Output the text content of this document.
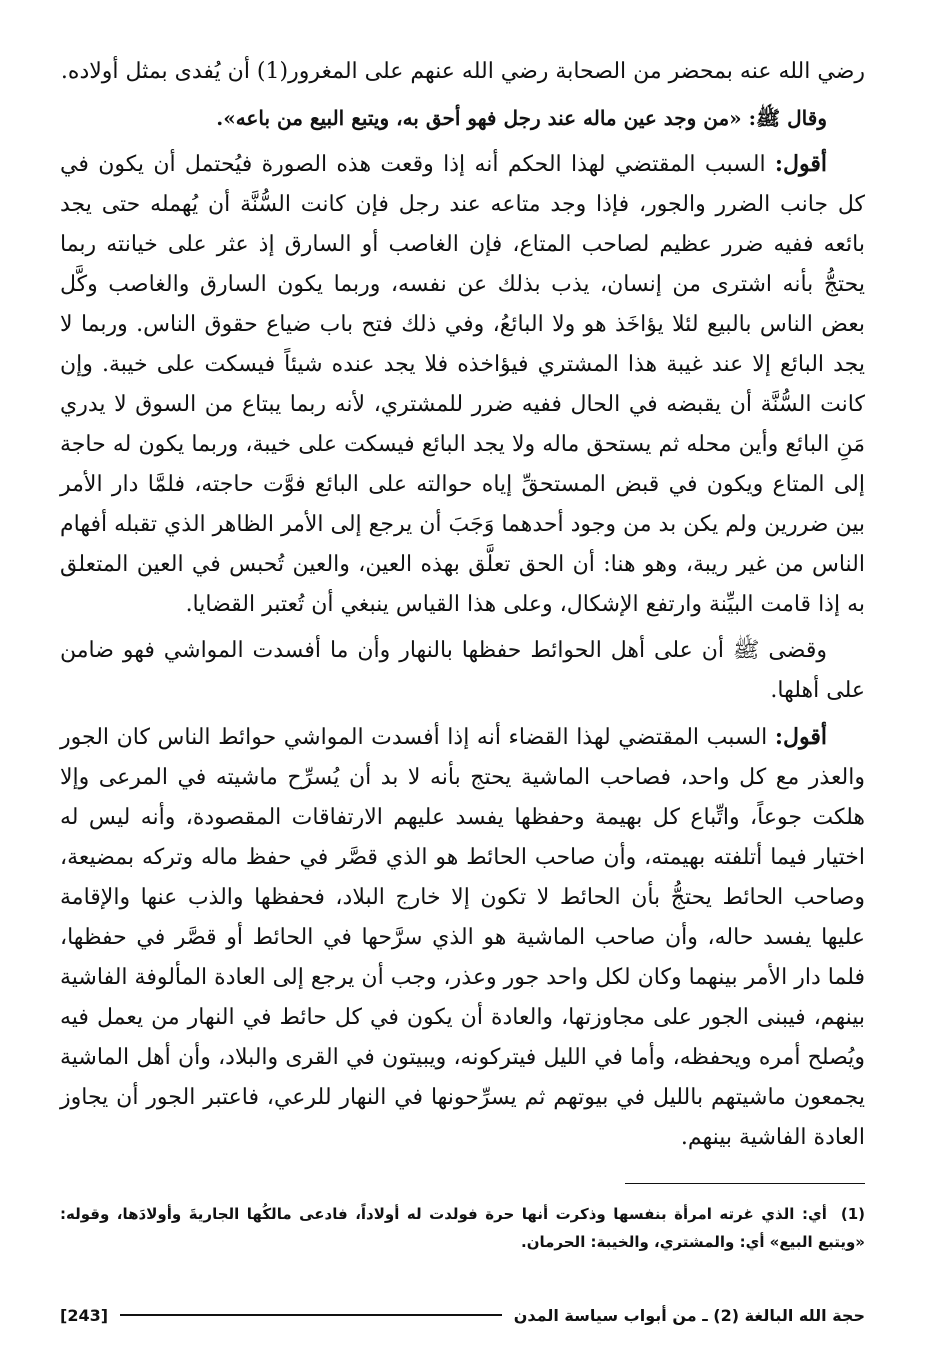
رضي الله عنه بمحضر من الصحابة رضي الله عنهم على المغرور(1) أن يُفدى بمثل أولاده.

وقال ﷺ: «من وجد عين ماله عند رجل فهو أحق به، ويتبع البيع من باعه».

أقول: السبب المقتضي لهذا الحكم أنه إذا وقعت هذه الصورة فيُحتمل أن يكون في كل جانب الضرر والجور، فإذا وجد متاعه عند رجل فإن كانت السُّنَّة أن يُهمله حتى يجد بائعه ففيه ضرر عظيم لصاحب المتاع، فإن الغاصب أو السارق إذ عثر على خيانته ربما يحتجُّ بأنه اشترى من إنسان، يذب بذلك عن نفسه، وربما يكون السارق والغاصب وكَّل بعض الناس بالبيع لئلا يؤاخَذ هو ولا البائعُ، وفي ذلك فتح باب ضياع حقوق الناس. وربما لا يجد البائع إلا عند غيبة هذا المشتري فيؤاخذه فلا يجد عنده شيئاً فيسكت على خيبة. وإن كانت السُّنَّة أن يقبضه في الحال ففيه ضرر للمشتري، لأنه ربما يبتاع من السوق لا يدري مَنِ البائع وأين محله ثم يستحق ماله ولا يجد البائع فيسكت على خيبة، وربما يكون له حاجة إلى المتاع ويكون في قبض المستحقِّ إياه حوالته على البائع فوَّت حاجته، فلمَّا دار الأمر بين ضررين ولم يكن بد من وجود أحدهما وَجَبَ أن يرجع إلى الأمر الظاهر الذي تقبله أفهام الناس من غير ريبة، وهو هنا: أن الحق تعلَّق بهذه العين، والعين تُحبس في العين المتعلق به إذا قامت البيِّنة وارتفع الإشكال، وعلى هذا القياس ينبغي أن تُعتبر القضايا.

وقضى ﷺ أن على أهل الحوائط حفظها بالنهار وأن ما أفسدت المواشي فهو ضامن على أهلها.

أقول: السبب المقتضي لهذا القضاء أنه إذا أفسدت المواشي حوائط الناس كان الجور والعذر مع كل واحد، فصاحب الماشية يحتج بأنه لا بد أن يُسرِّح ماشيته في المرعى وإلا هلكت جوعاً، واتِّباع كل بهيمة وحفظها يفسد عليهم الارتفاقات المقصودة، وأنه ليس له اختيار فيما أتلفته بهيمته، وأن صاحب الحائط هو الذي قصَّر في حفظ ماله وتركه بمضيعة، وصاحب الحائط يحتجُّ بأن الحائط لا تكون إلا خارج البلاد، فحفظها والذب عنها والإقامة عليها يفسد حاله، وأن صاحب الماشية هو الذي سرَّحها في الحائط أو قصَّر في حفظها، فلما دار الأمر بينهما وكان لكل واحد جور وعذر، وجب أن يرجع إلى العادة المألوفة الفاشية بينهم، فيبنى الجور على مجاوزتها، والعادة أن يكون في كل حائط في النهار من يعمل فيه ويُصلح أمره ويحفظه، وأما في الليل فيتركونه، ويبيتون في القرى والبلاد، وأن أهل الماشية يجمعون ماشيتهم بالليل في بيوتهم ثم يسرِّحونها في النهار للرعي، فاعتبر الجور أن يجاوز العادة الفاشية بينهم.

(1)أي: الذي غرته امرأة بنفسها وذكرت أنها حرة فولدت له أولاداً، فادعى مالكُها الجاريةَ وأولادَها، وقوله: «ويتبع البيع» أي: والمشتري، والخيبة: الحرمان.
حجة الله البالغة (2) ـ من أبواب سياسة المدن
[243]
